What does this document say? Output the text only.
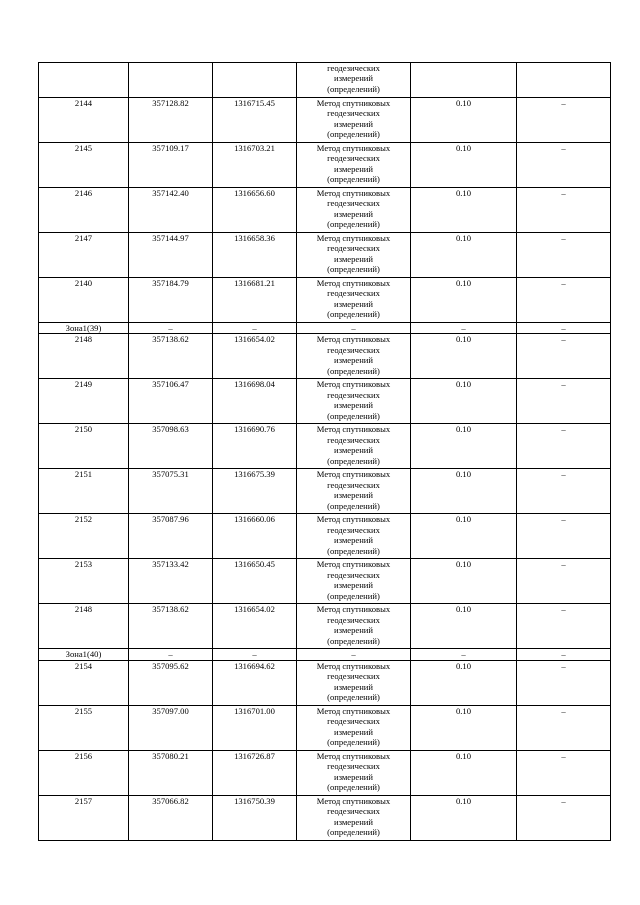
			геодезических
измерений
(определений)		

2144	357128.82	1316715.45	Метод спутниковых
геодезических
измерений
(определений)	0.10	–
2145	357109.17	1316703.21	Метод спутниковых
геодезических
измерений
(определений)	0.10	–
2146	357142.40	1316656.60	Метод спутниковых
геодезических
измерений
(определений)	0.10	–
2147	357144.97	1316658.36	Метод спутниковых
геодезических
измерений
(определений)	0.10	–
2140	357184.79	1316681.21	Метод спутниковых
геодезических
измерений
(определений)	0.10	–
Зона1(39)	–	–	–	–	–
2148	357138.62	1316654.02	Метод спутниковых
геодезических
измерений
(определений)	0.10	–
2149	357106.47	1316698.04	Метод спутниковых
геодезических
измерений
(определений)	0.10	–
2150	357098.63	1316690.76	Метод спутниковых
геодезических
измерений
(определений)	0.10	–
2151	357075.31	1316675.39	Метод спутниковых
геодезических
измерений
(определений)	0.10	–
2152	357087.96	1316660.06	Метод спутниковых
геодезических
измерений
(определений)	0.10	–
2153	357133.42	1316650.45	Метод спутниковых
геодезических
измерений
(определений)	0.10	–
2148	357138.62	1316654.02	Метод спутниковых
геодезических
измерений
(определений)	0.10	–
Зона1(40)	–	–	–	–	–
2154	357095.62	1316694.62	Метод спутниковых
геодезических
измерений
(определений)	0.10	–
2155	357097.00	1316701.00	Метод спутниковых
геодезических
измерений
(определений)	0.10	–
2156	357080.21	1316726.87	Метод спутниковых
геодезических
измерений
(определений)	0.10	–
2157	357066.82	1316750.39	Метод спутниковых
геодезических
измерений
(определений)	0.10	–
